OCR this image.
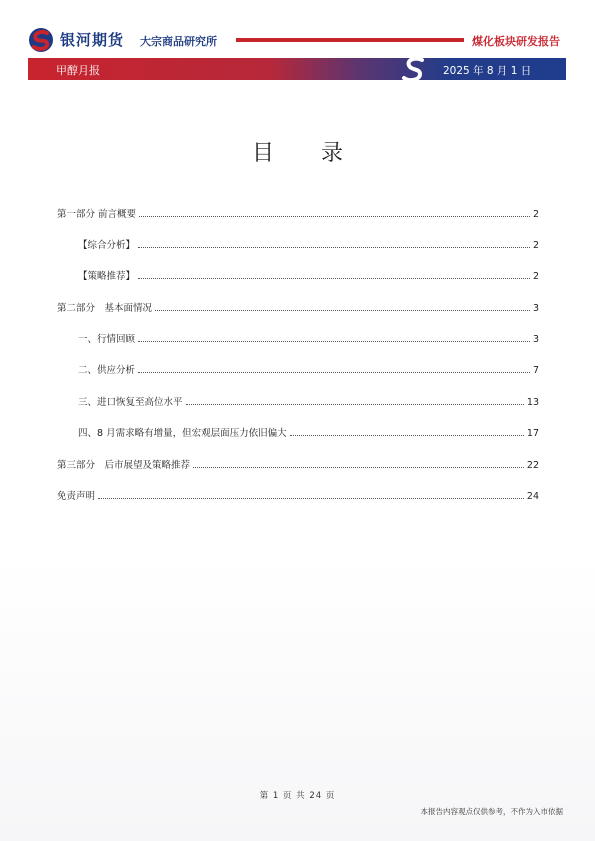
银河期货 大宗商品研究所	煤化板块研发报告
甲醇月报	2025 年 8 月 1 日
目 录
第一部分 前言概要	2
【综合分析】	2
【策略推荐】	2
第二部分　基本面情况	3
一、行情回顾	3
二、供应分析	7
三、进口恢复至高位水平	13
四、8 月需求略有增量，但宏观层面压力依旧偏大	17
第三部分　后市展望及策略推荐	22
免责声明	24
第 1 页 共 24 页
本报告内容观点仅供参考，不作为入市依据
